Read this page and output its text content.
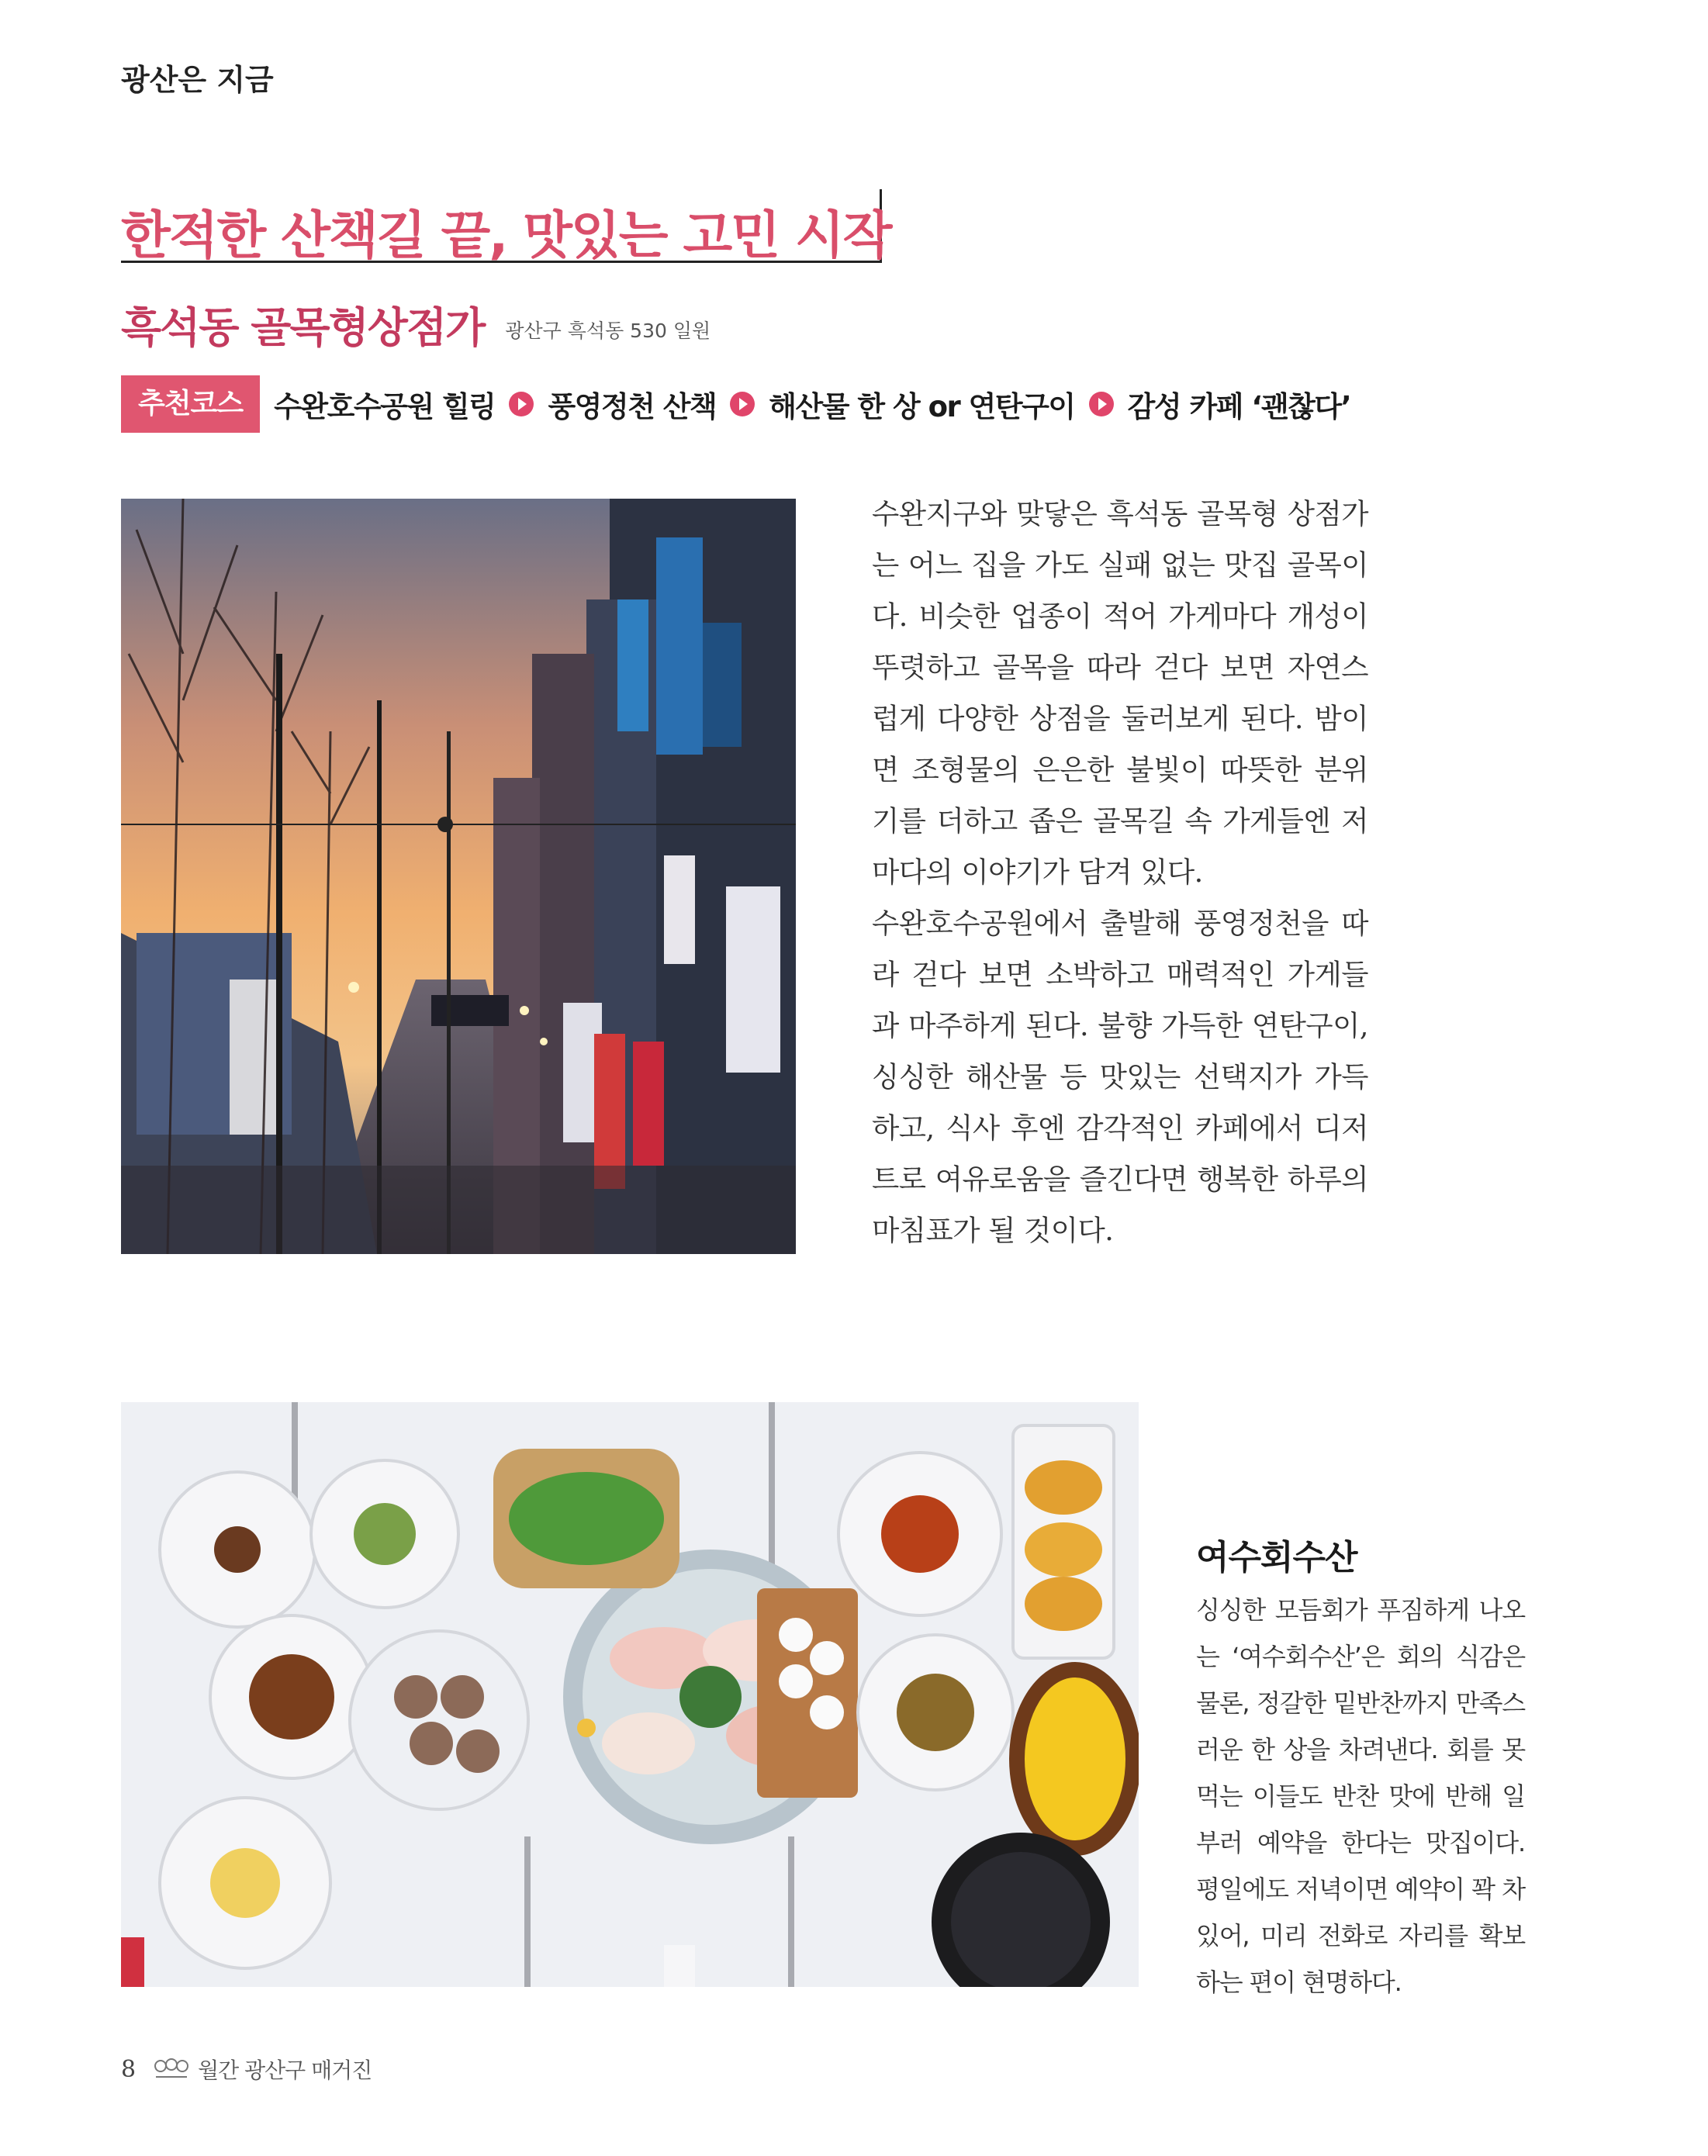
광산은 지금
한적한 산책길 끝, 맛있는 고민 시작
흑석동 골목형상점가 광산구 흑석동 530 일원
추천코스	수완호수공원 힐링 풍영정천 산책 해산물 한 상 or 연탄구이 감성 카페 ‘괜찮다’

수완지구와 맞닿은 흑석동 골목형 상점가는 어느 집을 가도 실패 없는 맛집 골목이다. 비슷한 업종이 적어 가게마다 개성이 뚜렷하고 골목을 따라 걷다 보면 자연스럽게 다양한 상점을 둘러보게 된다. 밤이면 조형물의 은은한 불빛이 따뜻한 분위기를 더하고 좁은 골목길 속 가게들엔 저마다의 이야기가 담겨 있다.

수완호수공원에서 출발해 풍영정천을 따라 걷다 보면 소박하고 매력적인 가게들과 마주하게 된다. 불향 가득한 연탄구이, 싱싱한 해산물 등 맛있는 선택지가 가득하고, 식사 후엔 감각적인 카페에서 디저트로 여유로움을 즐긴다면 행복한 하루의 마침표가 될 것이다.

여수회수산
싱싱한 모듬회가 푸짐하게 나오는 ‘여수회수산’은 회의 식감은 물론, 정갈한 밑반찬까지 만족스러운 한 상을 차려낸다. 회를 못 먹는 이들도 반찬 맛에 반해 일부러 예약을 한다는 맛집이다. 평일에도 저녁이면 예약이 꽉 차 있어, 미리 전화로 자리를 확보하는 편이 현명하다.
8	월간 광산구 매거진
